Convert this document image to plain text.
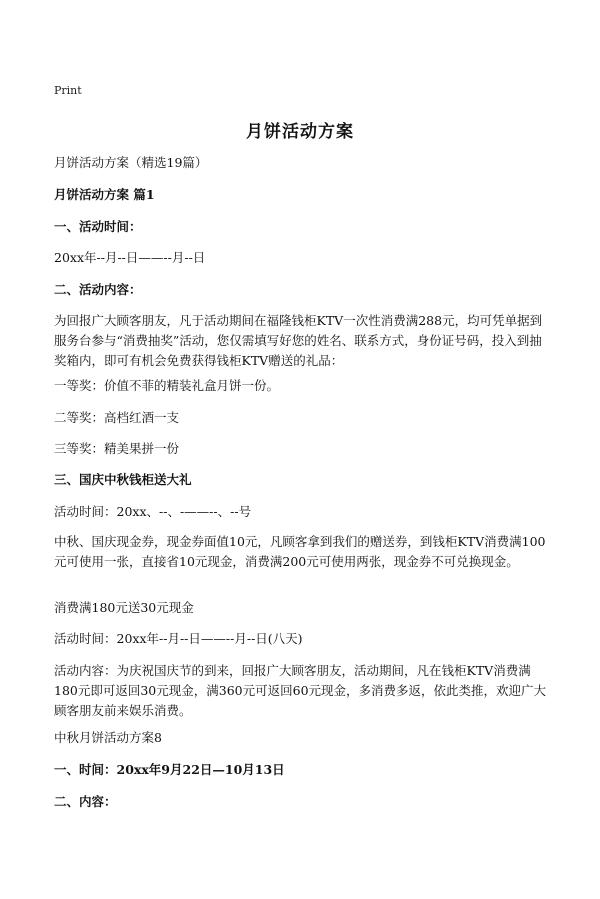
Print
月饼活动方案
月饼活动方案（精选19篇）
月饼活动方案 篇1
一、活动时间：
20xx年--月--日——--月--日
二、活动内容：
为回报广大顾客朋友，凡于活动期间在福隆钱柜KTV一次性消费满288元，均可凭单据到服务台参与“消费抽奖”活动，您仅需填写好您的姓名、联系方式，身份证号码，投入到抽奖箱内，即可有机会免费获得钱柜KTV赠送的礼品：
一等奖：价值不菲的精装礼盒月饼一份。
二等奖：高档红酒一支
三等奖：精美果拼一份
三、国庆中秋钱柜送大礼
活动时间：20xx、--、-——--、--号
中秋、国庆现金券，现金券面值10元，凡顾客拿到我们的赠送券，到钱柜KTV消费满100元可使用一张，直接省10元现金，消费满200元可使用两张，现金券不可兑换现金。
消费满180元送30元现金
活动时间：20xx年--月--日——--月--日(八天)
活动内容：为庆祝国庆节的到来，回报广大顾客朋友，活动期间，凡在钱柜KTV消费满180元即可返回30元现金，满360元可返回60元现金，多消费多返，依此类推，欢迎广大顾客朋友前来娱乐消费。
中秋月饼活动方案8
一、时间：20xx年9月22日—10月13日
二、内容：
